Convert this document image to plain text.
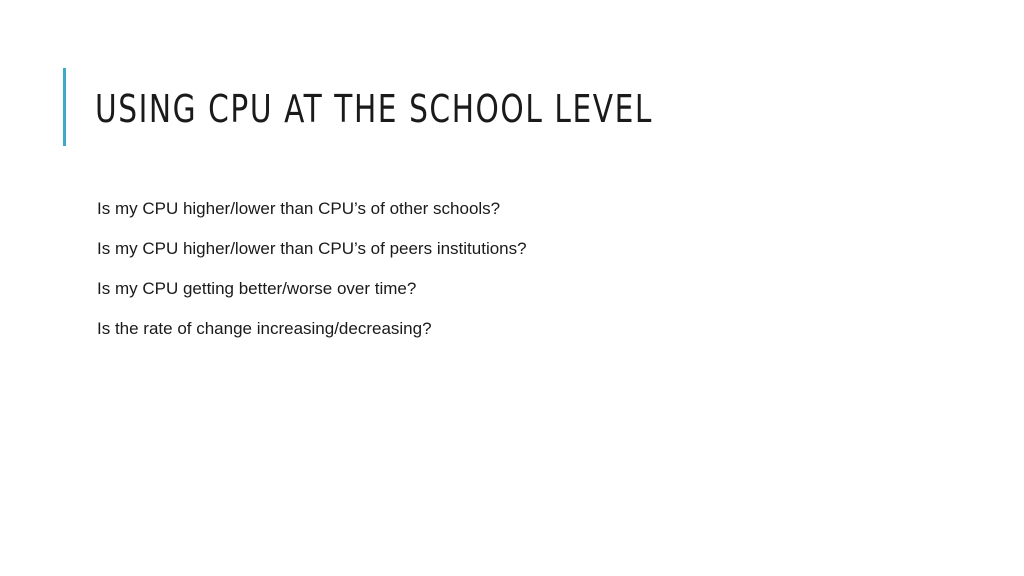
USING CPU AT THE SCHOOL LEVEL
Is my CPU higher/lower than CPU’s of other schools?
Is my CPU higher/lower than CPU’s of peers institutions?
Is my CPU getting better/worse over time?
Is the rate of change increasing/decreasing?
